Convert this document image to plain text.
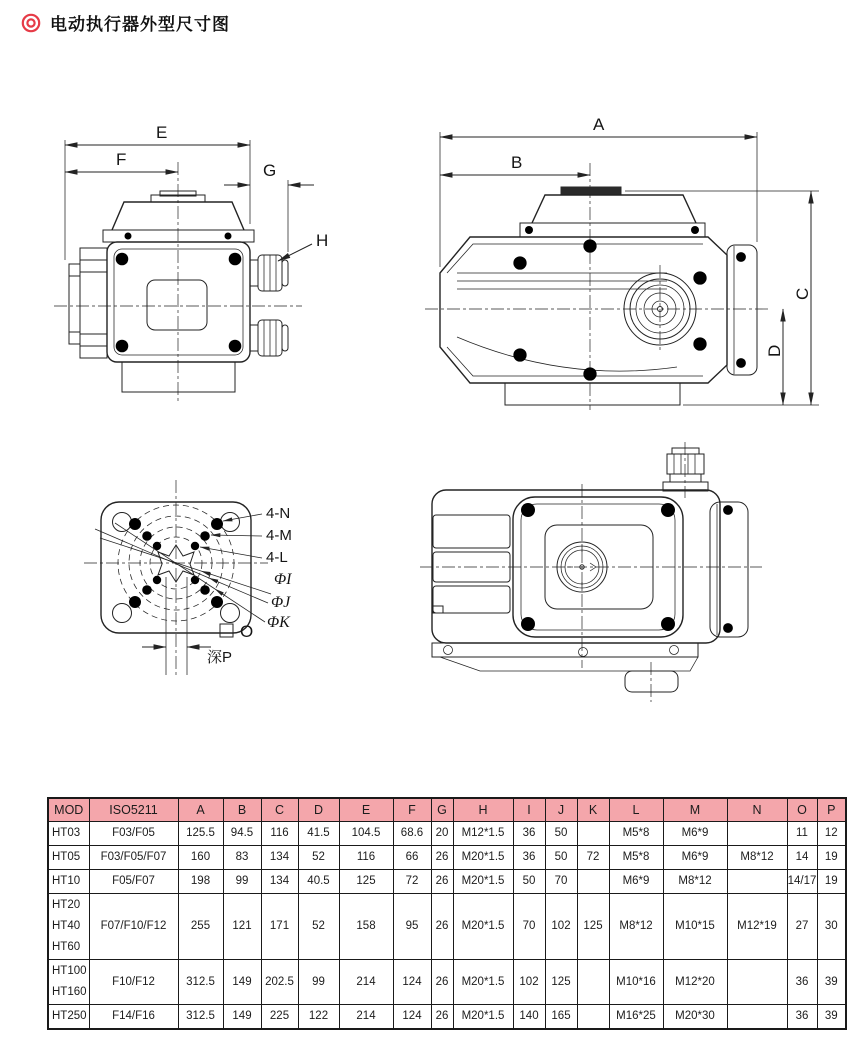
电动执行器外型尺寸图
E
F
G
H
A
B
C
D
4-N
4-M
4-L
ΦI
ΦJ
ΦK
O
深P
MOD	ISO5211	A	B	C	D	E	F	G	H	I	J	K	L	M	N	O	P

HT03	F03/F05	125.5	94.5	116	41.5	104.5	68.6	20	M12*1.5	36	50		M5*8	M6*9		11	12

HT05	F03/F05/F07	160	83	134	52	116	66	26	M20*1.5	36	50	72	M5*8	M6*9	M8*12	14	19

HT10	F05/F07	198	99	134	40.5	125	72	26	M20*1.5	50	70		M6*9	M8*12		14/17	19

HT20
HT40
HT60	F07/F10/F12	255	121	171	52	158	95	26	M20*1.5	70	102	125	M8*12	M10*15	M12*19	27	30

HT100
HT160	F10/F12	312.5	149	202.5	99	214	124	26	M20*1.5	102	125		M10*16	M12*20		36	39

HT250	F14/F16	312.5	149	225	122	214	124	26	M20*1.5	140	165		M16*25	M20*30		36	39
